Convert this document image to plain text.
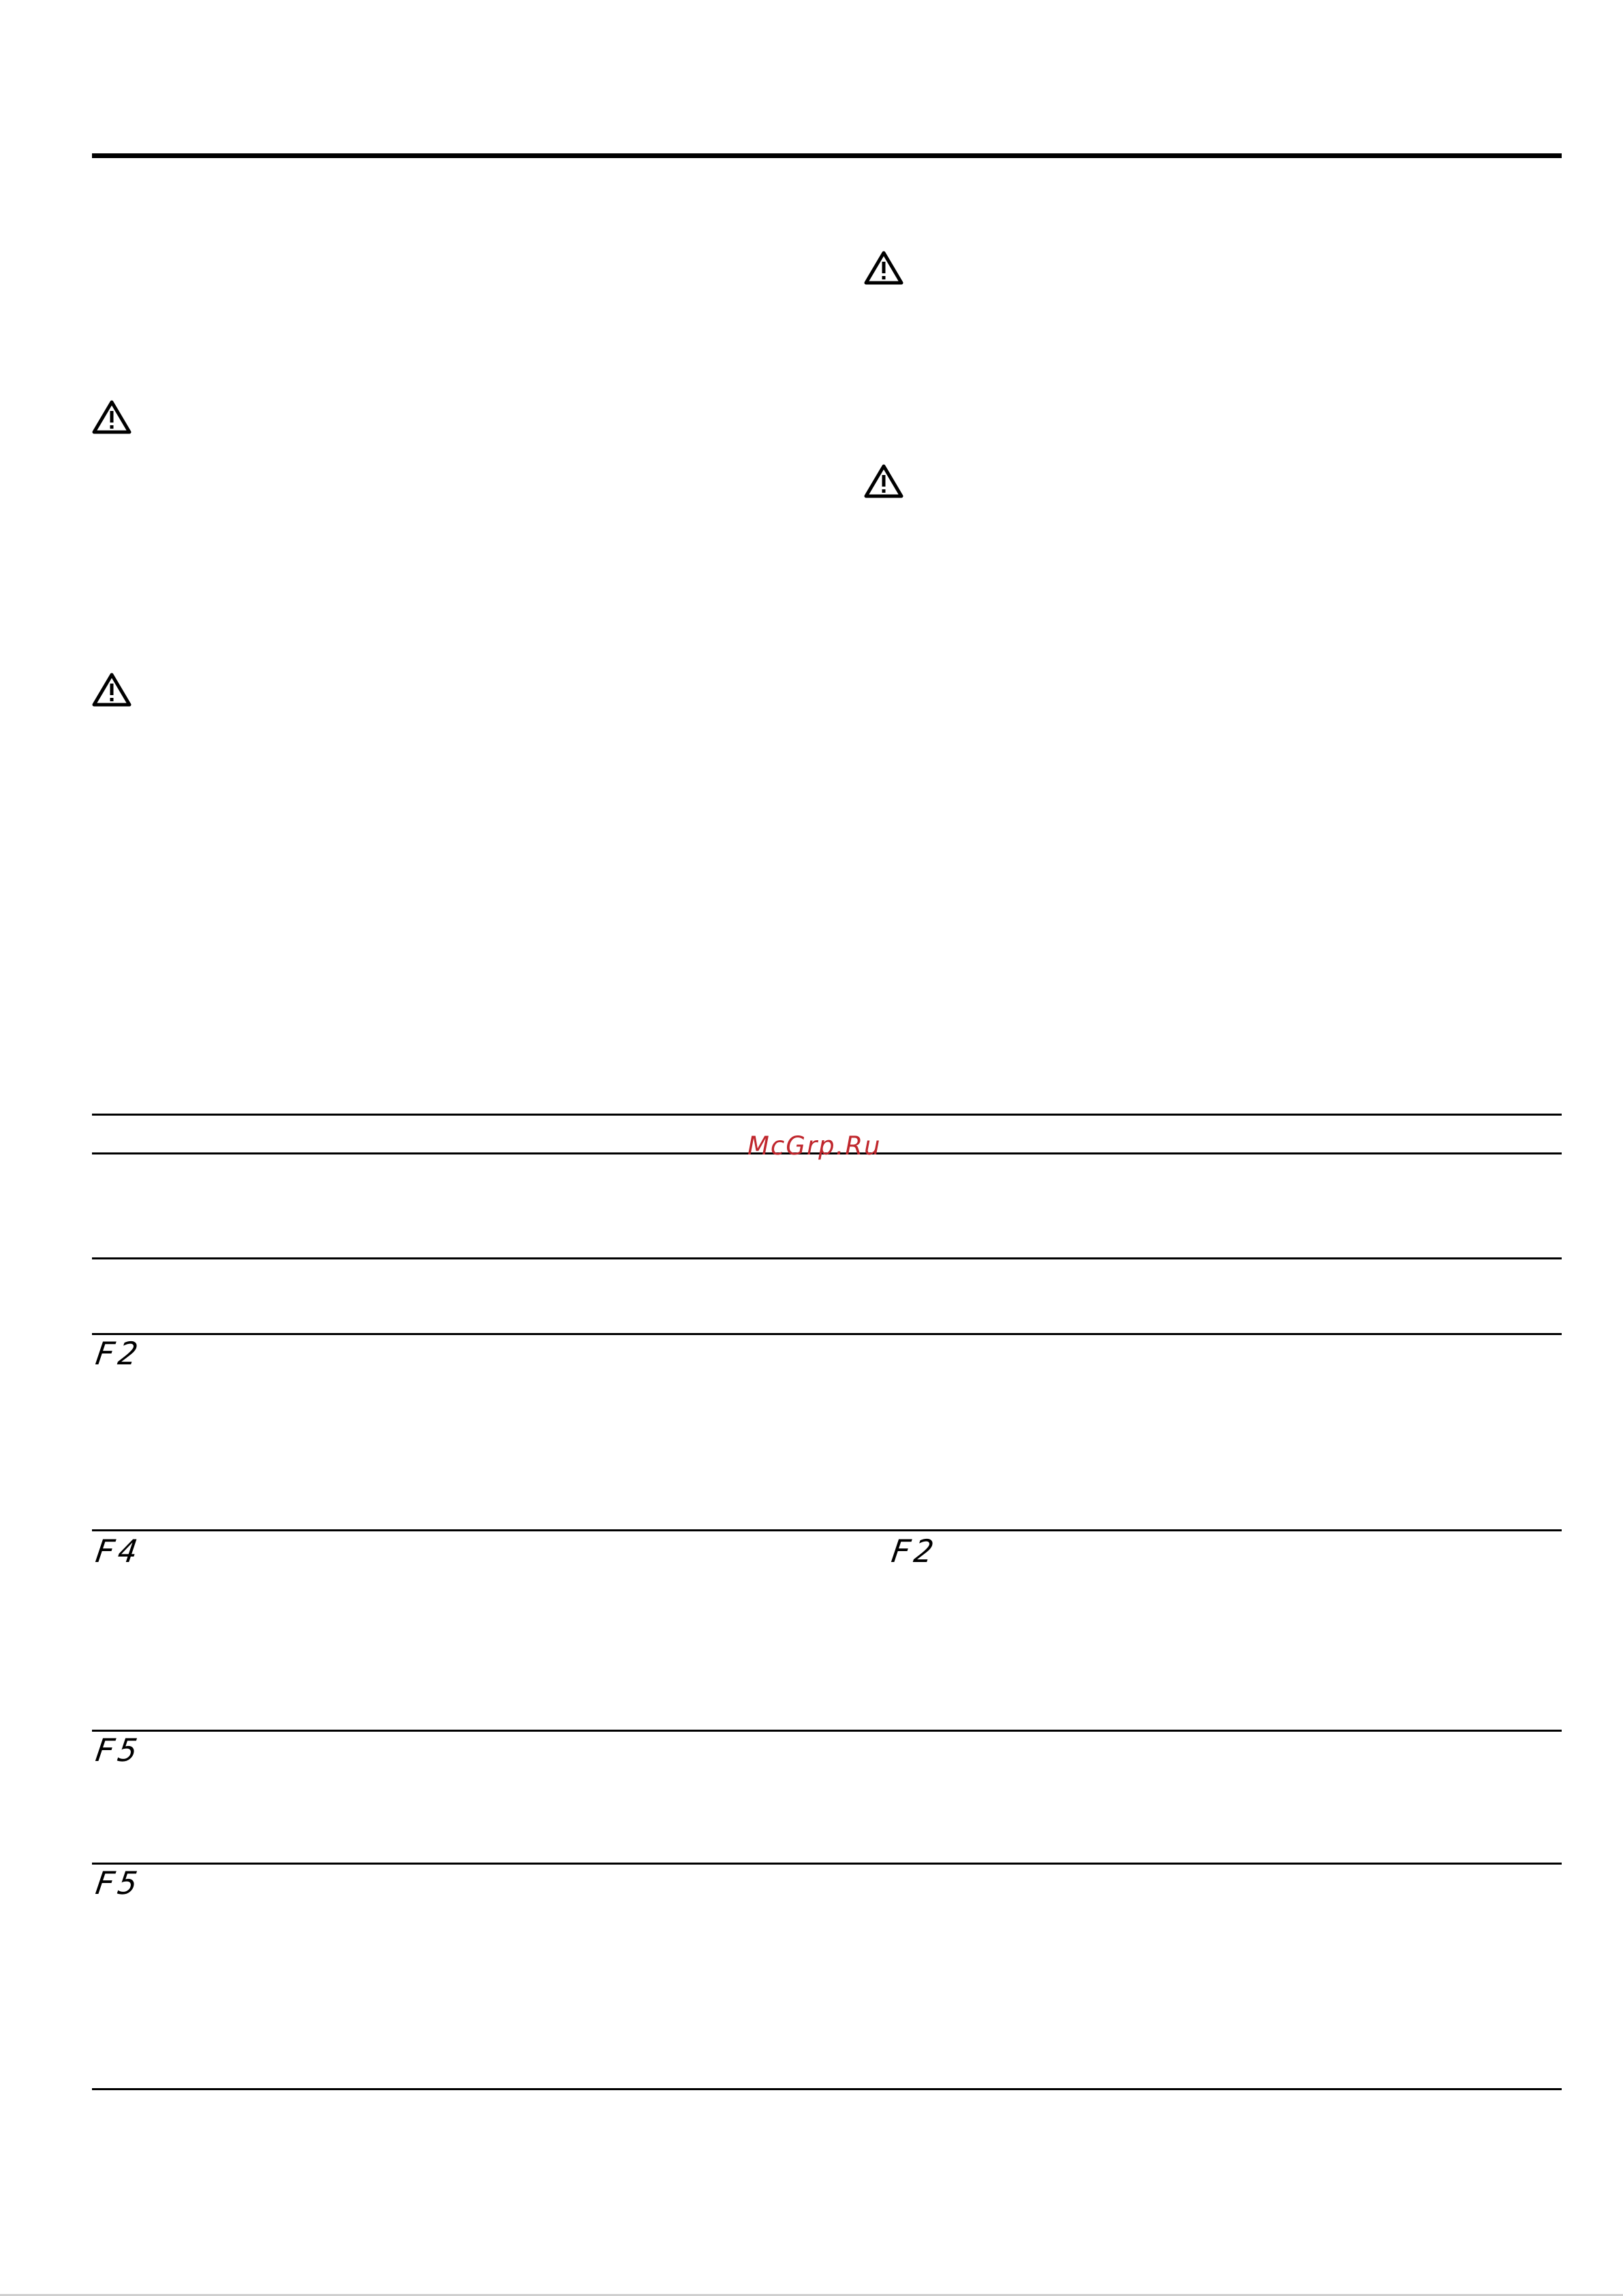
McGrp.Ru
F2
F4	F2
F5
F5
